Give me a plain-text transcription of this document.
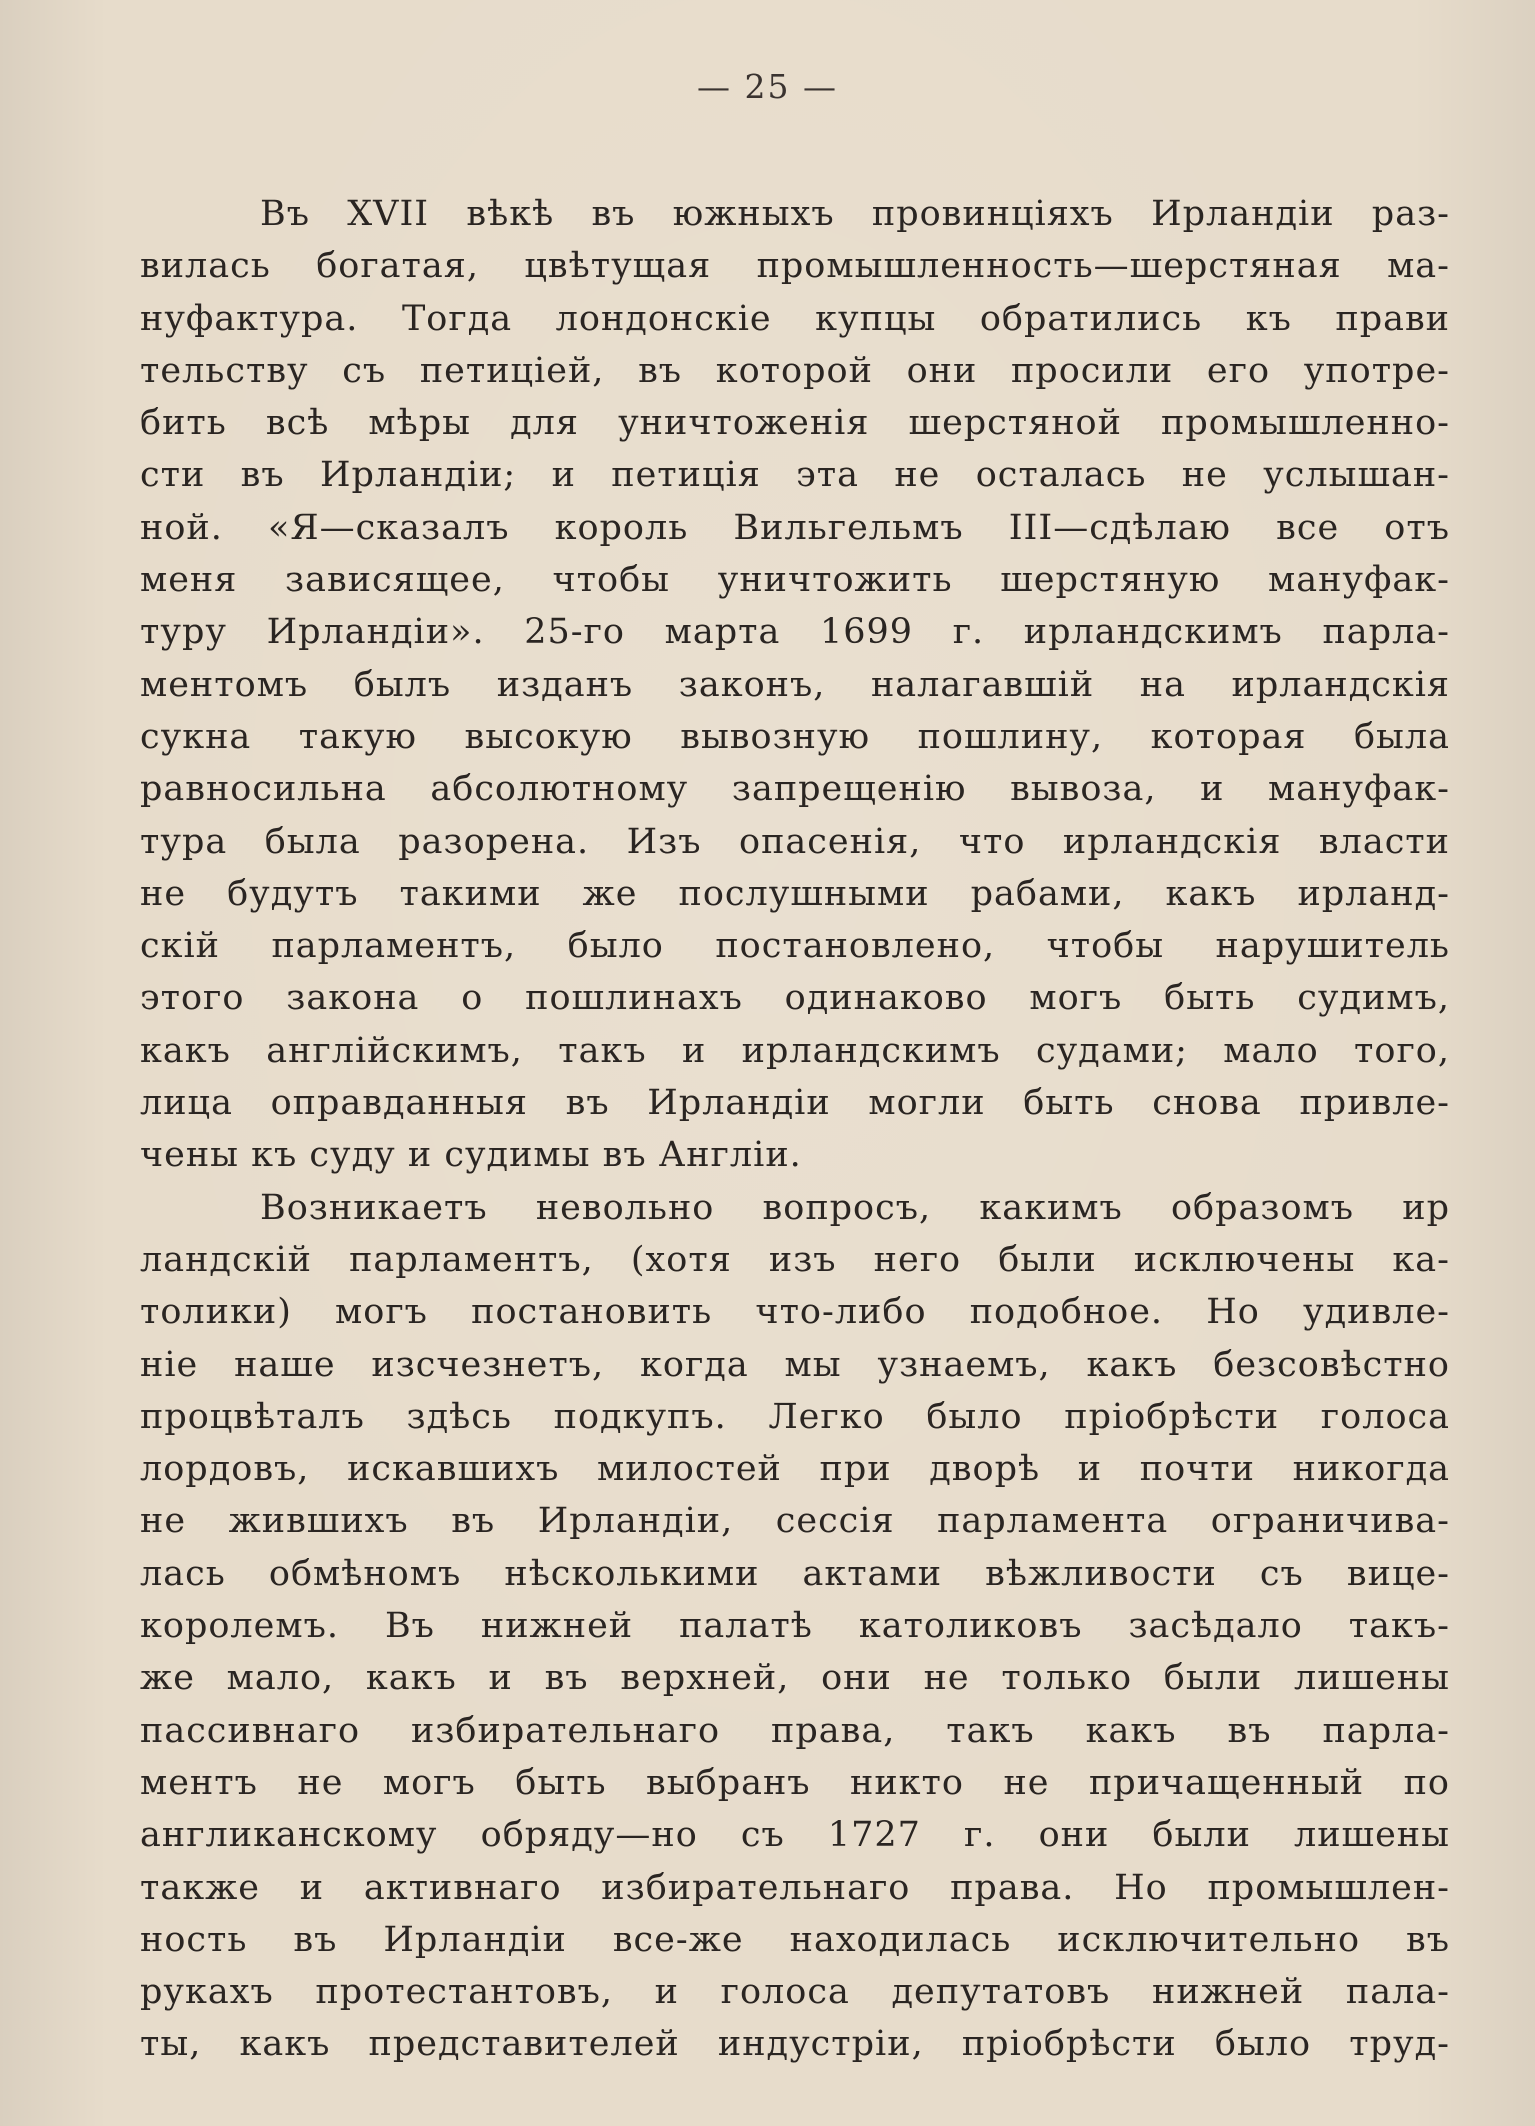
— 25 —
Въ XVII вѣкѣ въ южныхъ провинціяхъ Ирландіи раз-
вилась богатая, цвѣтущая промышленность—шерстяная ма-
нуфактура. Тогда лондонскіе купцы обратились къ прави
тельству съ петиціей, въ которой они просили его употре-
бить всѣ мѣры для уничтоженія шерстяной промышленно-
сти въ Ирландіи; и петиція эта не осталась не услышан-
ной. «Я—сказалъ король Вильгельмъ III—сдѣлаю все отъ
меня зависящее, чтобы уничтожить шерстяную мануфак-
туру Ирландіи». 25-го марта 1699 г. ирландскимъ парла-
ментомъ былъ изданъ законъ, налагавшій на ирландскія
сукна такую высокую вывозную пошлину, которая была
равносильна абсолютному запрещенію вывоза, и мануфак-
тура была разорена. Изъ опасенія, что ирландскія власти
не будутъ такими же послушными рабами, какъ ирланд-
скій парламентъ, было постановлено, чтобы нарушитель
этого закона о пошлинахъ одинаково могъ быть судимъ,
какъ англійскимъ, такъ и ирландскимъ судами; мало того,
лица оправданныя въ Ирландіи могли быть снова привле-
чены къ суду и судимы въ Англіи.
Возникаетъ невольно вопросъ, какимъ образомъ ир
ландскій парламентъ, (хотя изъ него были исключены ка-
толики) могъ постановить что-либо подобное. Но удивле-
ніе наше изсчезнетъ, когда мы узнаемъ, какъ безсовѣстно
процвѣталъ здѣсь подкупъ. Легко было пріобрѣсти голоса
лордовъ, искавшихъ милостей при дворѣ и почти никогда
не жившихъ въ Ирландіи, сессія парламента ограничива-
лась обмѣномъ нѣсколькими актами вѣжливости съ вице-
королемъ. Въ нижней палатѣ католиковъ засѣдало такъ-
же мало, какъ и въ верхней, они не только были лишены
пассивнаго избирательнаго права, такъ какъ въ парла-
ментъ не могъ быть выбранъ никто не причащенный по
англиканскому обряду—но съ 1727 г. они были лишены
также и активнаго избирательнаго права. Но промышлен-
ность въ Ирландіи все-же находилась исключительно въ
рукахъ протестантовъ, и голоса депутатовъ нижней пала-
ты, какъ представителей индустріи, пріобрѣсти было труд-
